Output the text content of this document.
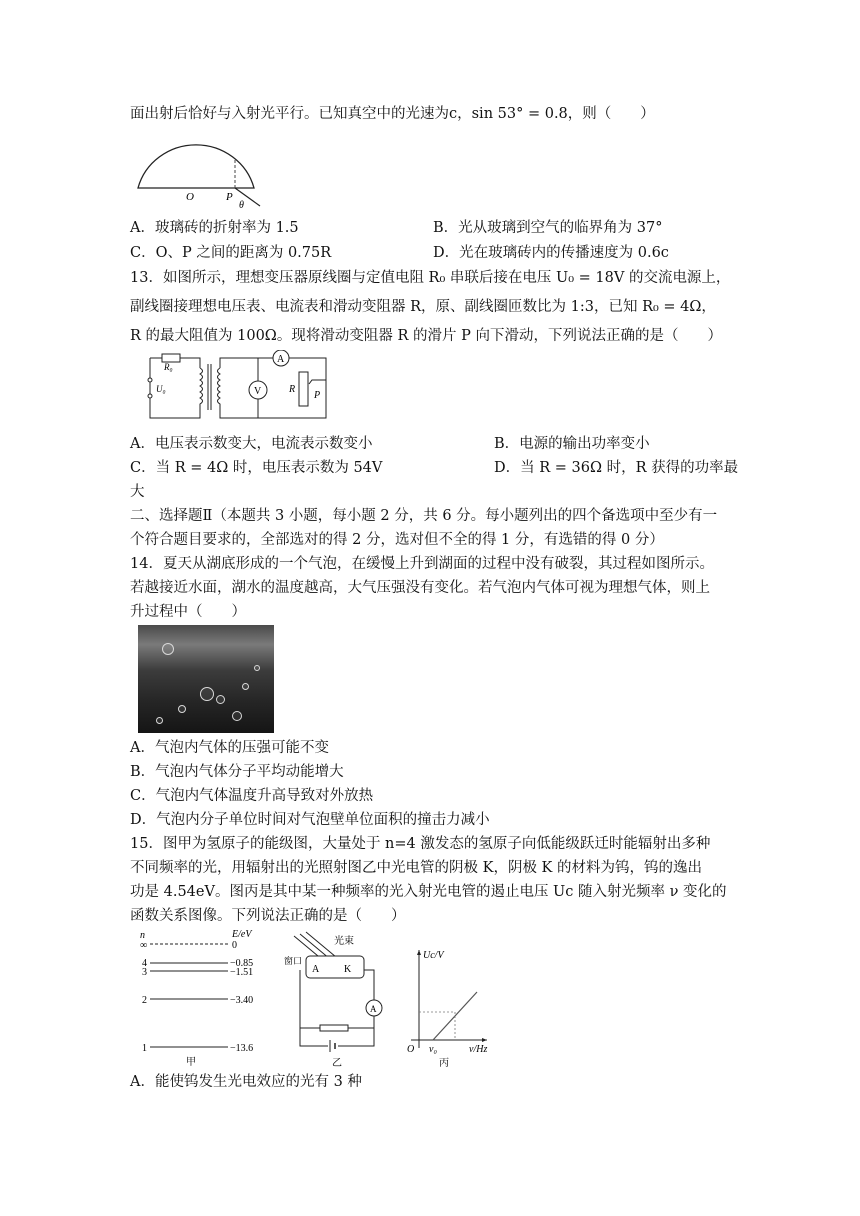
面出射后恰好与入射光平行。已知真空中的光速为c，sin 53° = 0.8，则（　　）
O	P
θ
A．玻璃砖的折射率为 1.5	B．光从玻璃到空气的临界角为 37°
C．O、P 之间的距离为 0.75R	D．光在玻璃砖内的传播速度为 0.6c
13．如图所示，理想变压器原线圈与定值电阻 R₀ 串联后接在电压 U₀ = 18V 的交流电源上，
副线圈接理想电压表、电流表和滑动变阻器 R，原、副线圈匝数比为 1:3，已知 R₀ = 4Ω，
R 的最大阻值为 100Ω。现将滑动变阻器 R 的滑片 P 向下滑动，下列说法正确的是（　　）
R₀
U₀
A
V	R
P
A．电压表示数变大，电流表示数变小	B．电源的输出功率变小
C．当 R = 4Ω 时，电压表示数为 54V	D．当 R = 36Ω 时，R 获得的功率最
大
二、选择题Ⅱ（本题共 3 小题，每小题 2 分，共 6 分。每小题列出的四个备选项中至少有一
个符合题目要求的，全部选对的得 2 分，选对但不全的得 1 分，有选错的得 0 分）
14．夏天从湖底形成的一个气泡，在缓慢上升到湖面的过程中没有破裂，其过程如图所示。
若越接近水面，湖水的温度越高，大气压强没有变化。若气泡内气体可视为理想气体，则上
升过程中（　　）
A．气泡内气体的压强可能不变
B．气泡内气体分子平均动能增大
C．气泡内气体温度升高导致对外放热
D．气泡内分子单位时间对气泡壁单位面积的撞击力减小
15．图甲为氢原子的能级图，大量处于 n=4 激发态的氢原子向低能级跃迁时能辐射出多种
不同频率的光，用辐射出的光照射图乙中光电管的阴极 K，阴极 K 的材料为钨，钨的逸出
功是 4.54eV。图丙是其中某一种频率的光入射光电管的遏止电压 Uc 随入射光频率 ν 变化的
函数关系图像。下列说法正确的是（　　）
n	E/eV
∞	0
4	−0.85
3	−1.51
2	−3.40
1	−13.6
甲
光束
窗口
A K
A
乙
Uc/V
ν/Hz
O ν₀
丙
A．能使钨发生光电效应的光有 3 种
